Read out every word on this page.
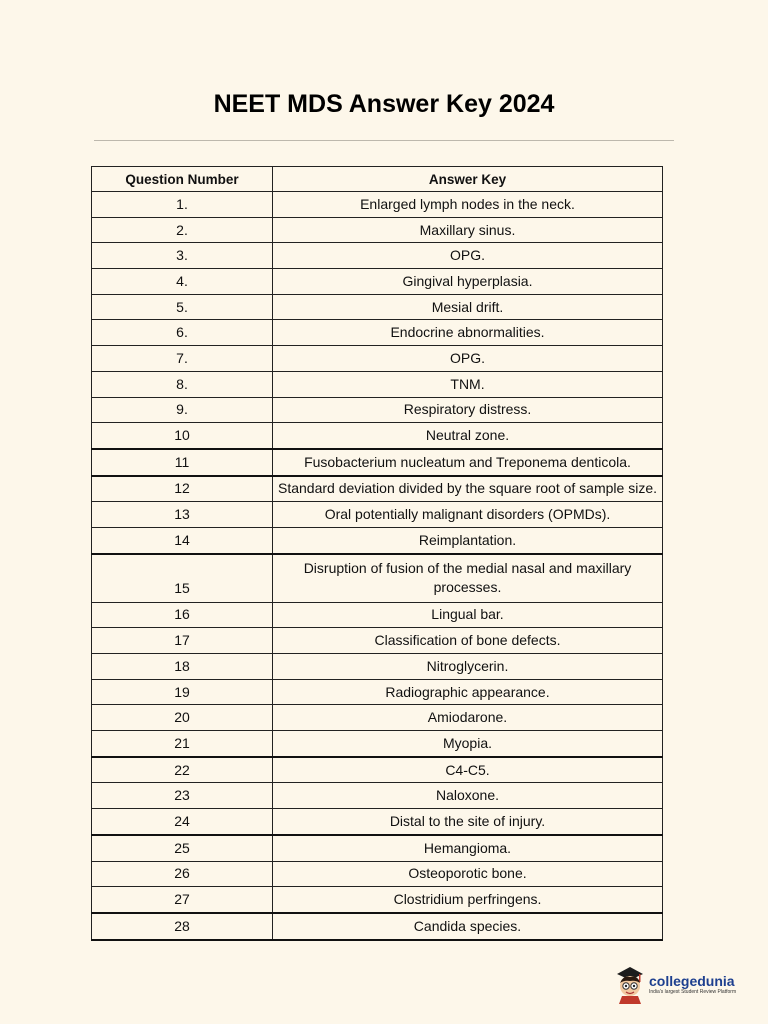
NEET MDS Answer Key 2024
Question Number	Answer Key
1.	Enlarged lymph nodes in the neck.
2.	Maxillary sinus.
3.	OPG.
4.	Gingival hyperplasia.
5.	Mesial drift.
6.	Endocrine abnormalities.
7.	OPG.
8.	TNM.
9.	Respiratory distress.
10	Neutral zone.
11	Fusobacterium nucleatum and Treponema denticola.
12	Standard deviation divided by the square root of sample size.
13	Oral potentially malignant disorders (OPMDs).
14	Reimplantation.
15	Disruption of fusion of the medial nasal and maxillary processes.
16	Lingual bar.
17	Classification of bone defects.
18	Nitroglycerin.
19	Radiographic appearance.
20	Amiodarone.
21	Myopia.
22	C4-C5.
23	Naloxone.
24	Distal to the site of injury.
25	Hemangioma.
26	Osteoporotic bone.
27	Clostridium perfringens.
28	Candida species.
collegedunia
India's largest Student Review Platform
